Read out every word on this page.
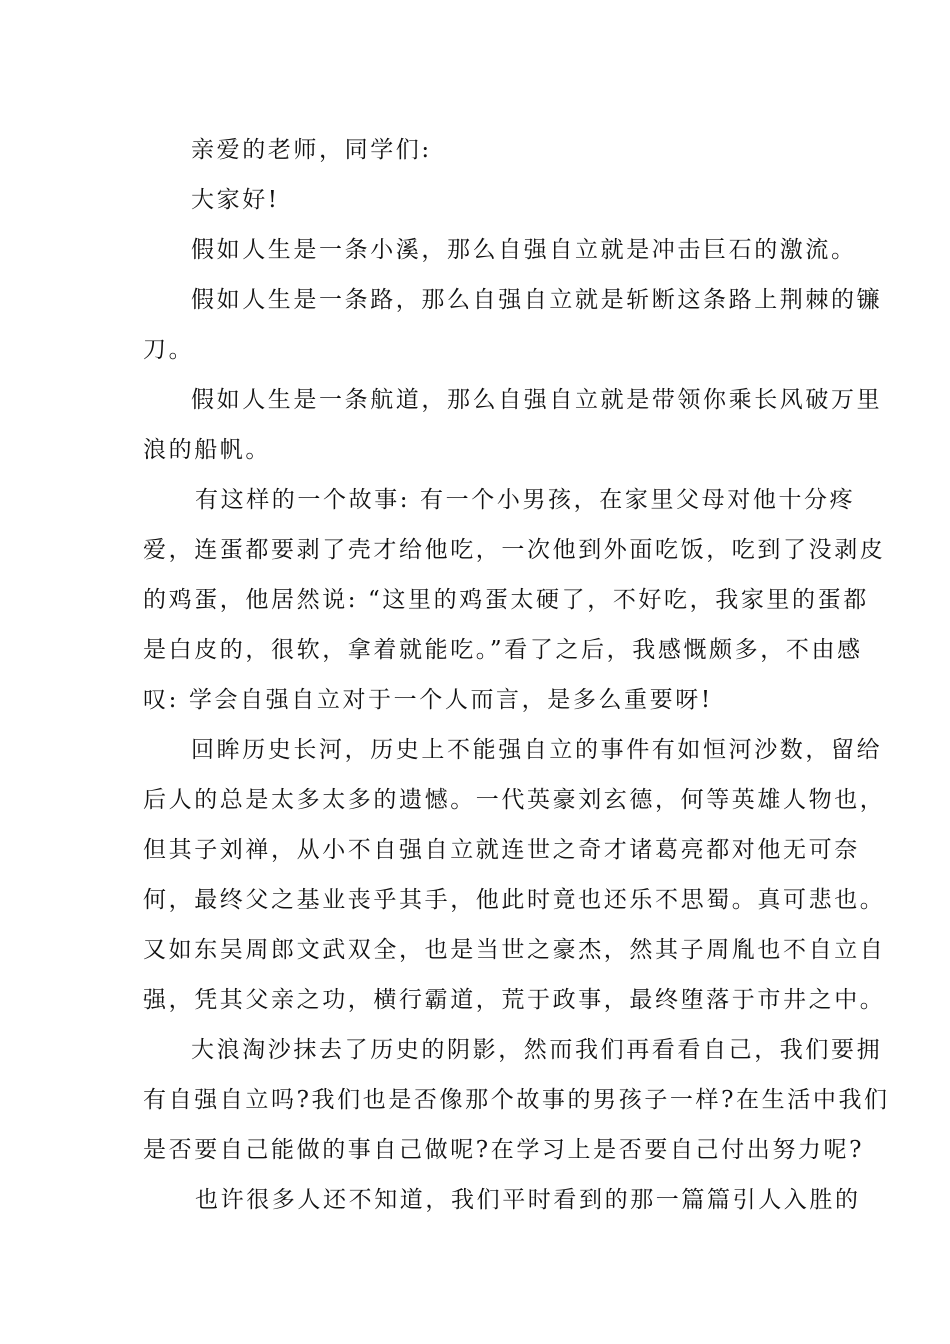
亲爱的老师，同学们:
大家好!
假如人生是一条小溪，那么自强自立就是冲击巨石的激流。
假如人生是一条路，那么自强自立就是斩断这条路上荆棘的镰
刀。
假如人生是一条航道，那么自强自立就是带领你乘长风破万里
浪的船帆。
有这样的一个故事: 有一个小男孩，在家里父母对他十分疼
爱，连蛋都要剥了壳才给他吃，一次他到外面吃饭，吃到了没剥皮
的鸡蛋，他居然说: “这里的鸡蛋太硬了，不好吃，我家里的蛋都
是白皮的，很软，拿着就能吃。”看了之后，我感慨颇多，不由感
叹: 学会自强自立对于一个人而言，是多么重要呀!
回眸历史长河，历史上不能强自立的事件有如恒河沙数，留给
后人的总是太多太多的遗憾。一代英豪刘玄德，何等英雄人物也，
但其子刘禅，从小不自强自立就连世之奇才诸葛亮都对他无可奈
何，最终父之基业丧乎其手，他此时竟也还乐不思蜀。真可悲也。
又如东吴周郎文武双全，也是当世之豪杰，然其子周胤也不自立自
强，凭其父亲之功，横行霸道，荒于政事，最终堕落于市井之中。
大浪淘沙抹去了历史的阴影，然而我们再看看自己，我们要拥
有自强自立吗?我们也是否像那个故事的男孩子一样?在生活中我们
是否要自己能做的事自己做呢?在学习上是否要自己付出努力呢?
也许很多人还不知道，我们平时看到的那一篇篇引人入胜的
